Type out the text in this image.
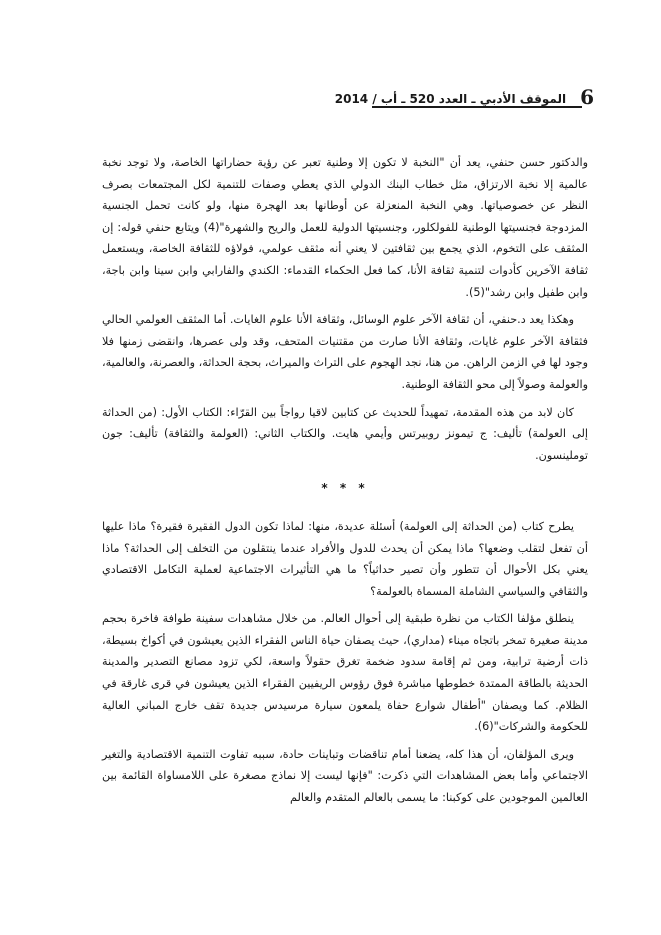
6
الموقف الأدبي ـ العدد 520 ـ أب / 2014

والدكتور حسن حنفي، يعد أن "النخبة لا تكون إلا وطنية تعبر عن رؤية حضاراتها الخاصة، ولا توجد نخبة عالمية إلا نخبة الارتزاق، مثل خطاب البنك الدولي الذي يعطي وصفات للتنمية لكل المجتمعات بصرف النظر عن خصوصياتها. وهي النخبة المنعزلة عن أوطانها بعد الهجرة منها، ولو كانت تحمل الجنسية المزدوجة فجنسيتها الوطنية للفولكلور، وجنسيتها الدولية للعمل والريح والشهرة"(4) ويتابع حنفي قوله: إن المثقف على التخوم، الذي يجمع بين ثقافتين لا يعني أنه مثقف عولمي، فولاؤه للثقافة الخاصة، ويستعمل ثقافة الآخرين كأدوات لتنمية ثقافة الأنا، كما فعل الحكماء القدماء: الكندي والفارابي وابن سينا وابن باجة، وابن طفيل وابن رشد"(5).

وهكذا يعد د.حنفي، أن ثقافة الآخر علوم الوسائل، وثقافة الأنا علوم الغايات. أما المثقف العولمي الحالي فثقافة الآخر علوم غايات، وثقافة الأنا صارت من مقتنيات المتحف، وقد ولى عصرها، وانقضى زمنها فلا وجود لها في الزمن الراهن. من هنا، نجد الهجوم على التراث والميراث، بحجة الحداثة، والعصرنة، والعالمية، والعولمة وصولاً إلى محو الثقافة الوطنية.

كان لابد من هذه المقدمة، تمهيداً للحديث عن كتابين لاقيا رواجاً بين القرّاء: الكتاب الأول: (من الحداثة إلى العولمة) تأليف: ج تيمونز روبيرتس وأيمي هايت. والكتاب الثاني: (العولمة والثقافة) تأليف: جون توملينسون.

* * *

يطرح كتاب (من الحداثة إلى العولمة) أسئلة عديدة، منها: لماذا تكون الدول الفقيرة فقيرة؟ ماذا عليها أن تفعل لتقلب وضعها؟ ماذا يمكن أن يحدث للدول والأفراد عندما ينتقلون من التخلف إلى الحداثة؟ ماذا يعني بكل الأحوال أن تتطور وأن تصير حداثياً؟ ما هي التأثيرات الاجتماعية لعملية التكامل الاقتصادي والثقافي والسياسي الشاملة المسماة بالعولمة؟

ينطلق مؤلفا الكتاب من نظرة طبقية إلى أحوال العالم. من خلال مشاهدات سفينة طوافة فاخرة بحجم مدينة صغيرة تمخر باتجاه ميناء (مداري)، حيث يصفان حياة الناس الفقراء الذين يعيشون في أكواخ بسيطة، ذات أرضية ترابية، ومن ثم إقامة سدود ضخمة تغرق حقولاً واسعة، لكي تزود مصانع التصدير والمدينة الحديثة بالطاقة الممتدة خطوطها مباشرة فوق رؤوس الريفيين الفقراء الذين يعيشون في قرى غارقة في الظلام. كما ويصفان "أطفال شوارع حفاة يلمعون سيارة مرسيدس جديدة تقف خارج المباني العالية للحكومة والشركات"(6).

ويرى المؤلفان، أن هذا كله، يضعنا أمام تناقضات وتباينات حادة، سببه تفاوت التنمية الاقتصادية والتغير الاجتماعي وأما بعض المشاهدات التي ذكرت: "فإنها ليست إلا نماذج مصغرة على اللامساواة القائمة بين العالمين الموجودين على كوكبنا: ما يسمى بالعالم المتقدم والعالم
